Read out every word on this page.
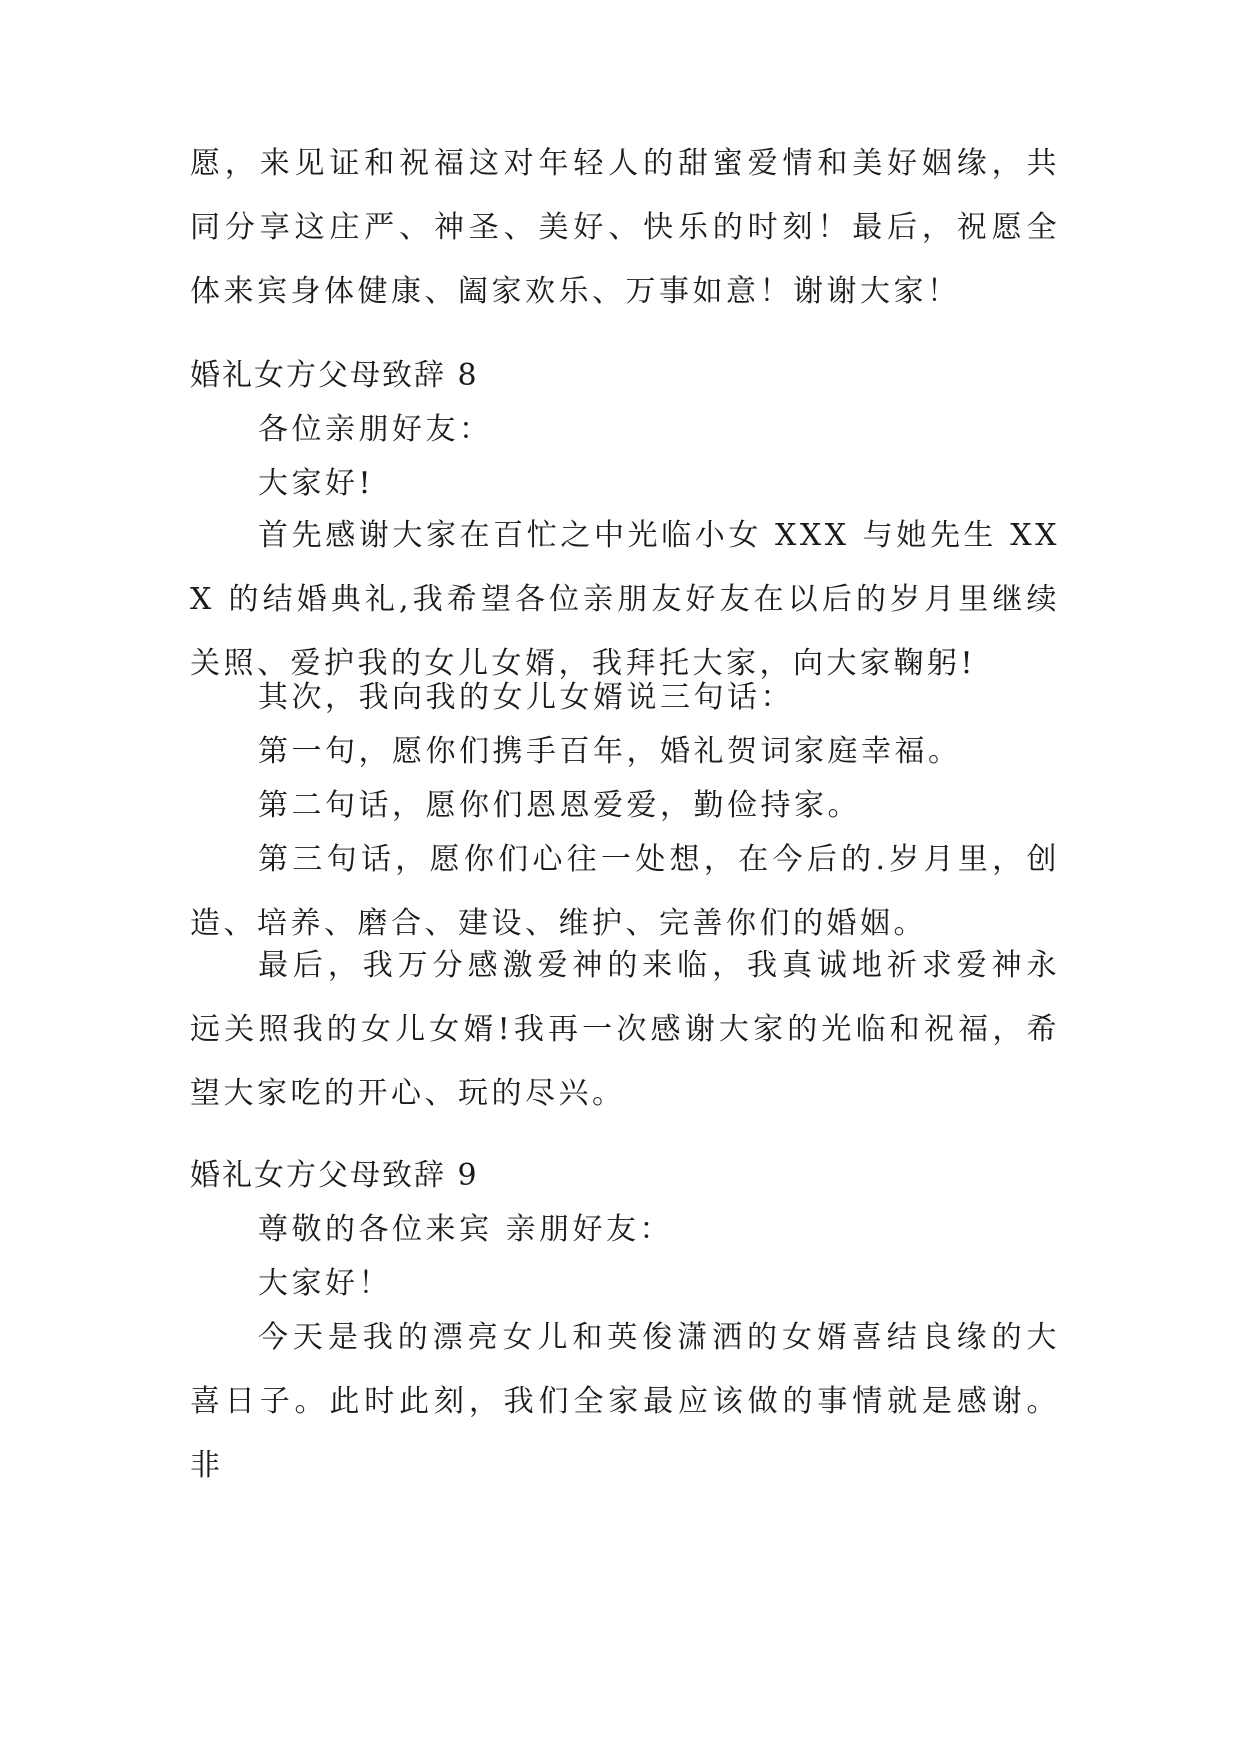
愿，来见证和祝福这对年轻人的甜蜜爱情和美好姻缘，共同分享这庄严、神圣、美好、快乐的时刻！最后，祝愿全体来宾身体健康、阖家欢乐、万事如意！谢谢大家！

婚礼女方父母致辞 8

各位亲朋好友：

大家好!

首先感谢大家在百忙之中光临小女 XXX 与她先生 XXX 的结婚典礼,我希望各位亲朋友好友在以后的岁月里继续关照、爱护我的女儿女婿，我拜托大家，向大家鞠躬!

其次，我向我的女儿女婿说三句话：

第一句，愿你们携手百年，婚礼贺词家庭幸福。

第二句话，愿你们恩恩爱爱，勤俭持家。

第三句话，愿你们心往一处想，在今后的.岁月里，创造、培养、磨合、建设、维护、完善你们的婚姻。

最后，我万分感激爱神的来临，我真诚地祈求爱神永远关照我的女儿女婿!我再一次感谢大家的光临和祝福，希望大家吃的开心、玩的尽兴。

婚礼女方父母致辞 9

尊敬的各位来宾 亲朋好友：

大家好！

今天是我的漂亮女儿和英俊潇洒的女婿喜结良缘的大喜日子。此时此刻，我们全家最应该做的事情就是感谢。非
